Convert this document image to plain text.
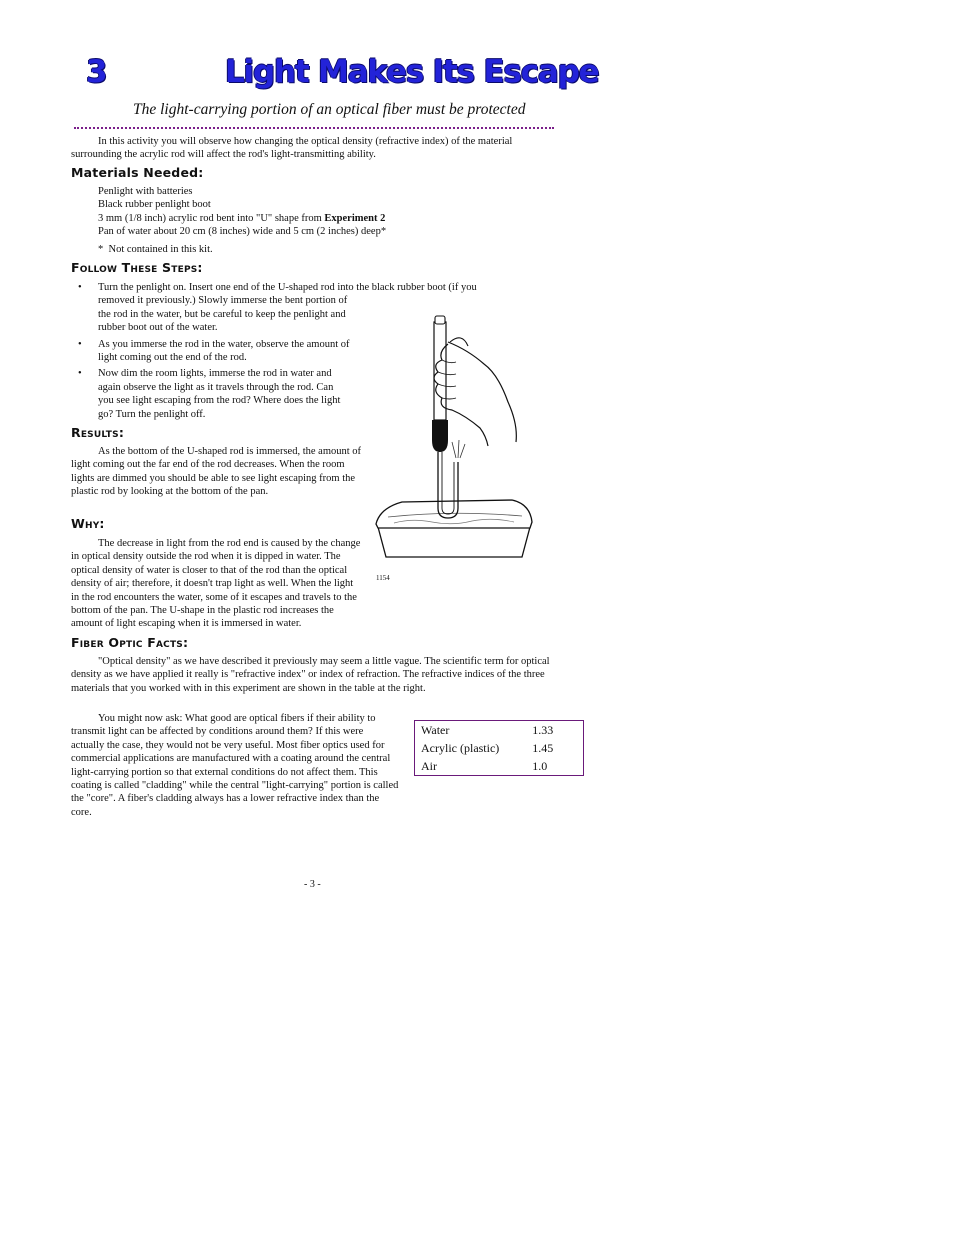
3	Light Makes Its Escape
The light-carrying portion of an optical fiber must be protected

In this activity you will observe how changing the optical density (refractive index) of the material surrounding the acrylic rod will affect the rod's light-transmitting ability.

Materials Needed:
Penlight with batteries
Black rubber penlight boot
3 mm (1/8 inch) acrylic rod bent into "U" shape from Experiment 2
Pan of water about 20 cm (8 inches) wide and 5 cm (2 inches) deep*
* Not contained in this kit.
Follow These Steps:
• Turn the penlight on. Insert one end of the U-shaped rod into the black rubber boot (if you
removed it previously.) Slowly immerse the bent portion of the rod in the water, but be careful to keep the penlight and rubber boot out of the water.
• As you immerse the rod in the water, observe the amount of light coming out the end of the rod.
• Now dim the room lights, immerse the rod in water and again observe the light as it travels through the rod. Can you see light escaping from the rod? Where does the light go? Turn the penlight off.
Results:

As the bottom of the U-shaped rod is immersed, the amount of light coming out the far end of the rod decreases. When the room lights are dimmed you should be able to see light escaping from the plastic rod by looking at the bottom of the pan.

Why:

The decrease in light from the rod end is caused by the change in optical density outside the rod when it is dipped in water. The optical density of water is closer to that of the rod than the optical density of air; therefore, it doesn't trap light as well. When the light in the rod encounters the water, some of it escapes and travels to the bottom of the pan. The U-shape in the plastic rod increases the amount of light escaping when it is immersed in water.

1154
Fiber Optic Facts:

"Optical density" as we have described it previously may seem a little vague. The scientific term for optical density as we have applied it really is "refractive index" or index of refraction. The refractive indices of the three materials that you worked with in this experiment are shown in the table at the right.

You might now ask: What good are optical fibers if their ability to transmit light can be affected by conditions around them? If this were actually the case, they would not be very useful. Most fiber optics used for commercial applications are manufactured with a coating around the central light-carrying portion so that external conditions do not affect them. This coating is called "cladding" while the central "light-carrying" portion is called the "core". A fiber's cladding always has a lower refractive index than the core.

Water	1.33
Acrylic (plastic)	1.45
Air	1.0
- 3 -
